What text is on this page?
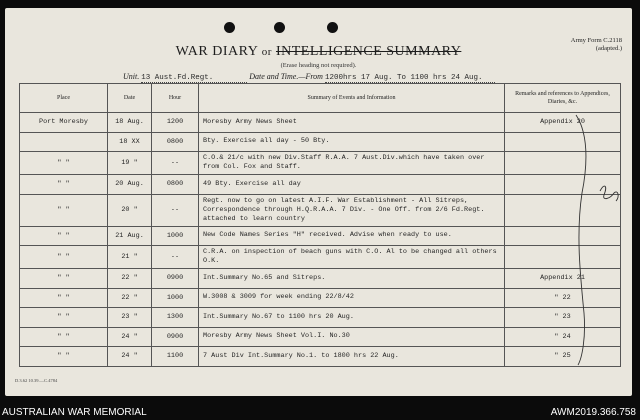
WAR DIARY or INTELLIGENCE SUMMARY
(Erase heading not required).
Army Form C.2118
(adapted.)
Unit. 13 Aust.Fd.Regt.	Date and Time.—From 1200hrs 17 Aug. To 1100 hrs 24 Aug.
Place	Date	Hour	Summary of Events and Information	Remarks and references to Appendices, Diaries, &c.
Port Moresby	18 Aug.	1200	Moresby Army News Sheet	Appendix 20
	18 XX	0800	Bty. Exercise all day - 50 Bty.	
" "	19 "	--	C.O.& 21/c with new Div.Staff R.A.A. 7 Aust.Div.which have taken over from Col. Fox and Staff.	
" "	20 Aug.	0800	49 Bty. Exercise all day	
" "	20 "	--	Regt. now to go on latest A.I.F. War Establishment - All Sitreps, Correspondence through H.Q.R.A.A. 7 Div. - One Off. from 2/6 Fd.Regt. attached to learn country	
" "	21 Aug.	1000	New Code Names Series "H" received. Advise when ready to use.	
" "	21 "	--	C.R.A. on inspection of beach guns with C.O. Al to be changed all others O.K.	
" "	22 "	0900	Int.Summary No.65 and Sitreps.	Appendix 21
" "	22 "	1000	W.3008 & 3009 for week ending 22/8/42	" 22
" "	23 "	1300	Int.Summary No.67 to 1100 hrs 20 Aug.	" 23
" "	24 "	0900	Moresby Army News Sheet Vol.I. No.30	" 24
" "	24 "	1100	7 Aust Div Int.Summary No.1. to 1800 hrs 22 Aug.	" 25
D.3.62 10.39.—C.4784
AUSTRALIAN WAR MEMORIAL	AWM2019.366.758
